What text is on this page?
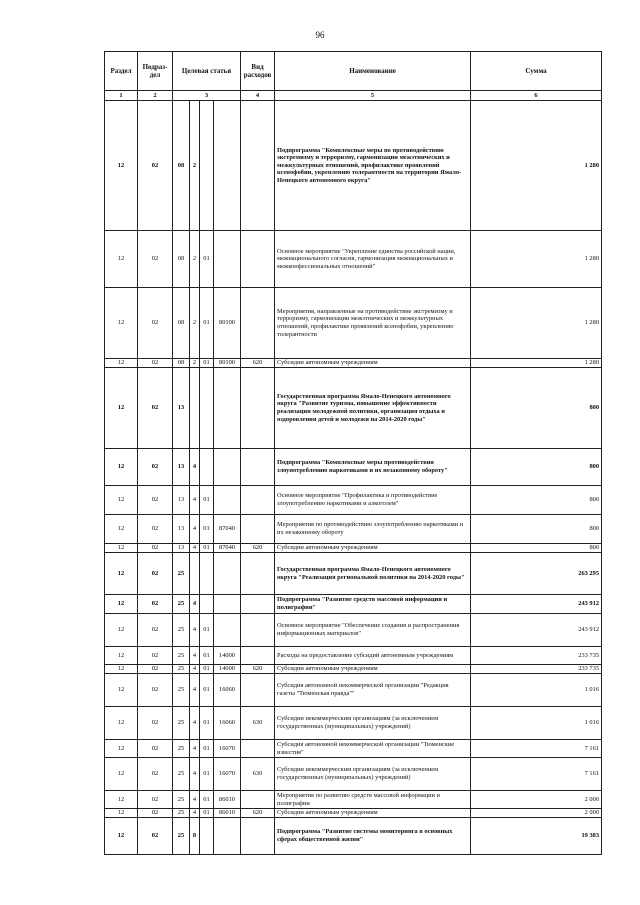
96
Раздел	Подраз-дел	Целевая статья				Вид расходов	Наименование	Сумма
1	2	3				4	5	6
12	02	08	2				Подпрограмма "Комплексные меры по противодействию экстремизму и терроризму, гармонизации межэтнических и межкультурных отношений, профилактике проявлений ксенофобии, укреплению толерантности на территории Ямало-Ненецкого автономного округа"	1 280
12	02	08	2	01			Основное мероприятие "Укрепление единства российской нации, межнационального согласия, гармонизация межнациональных и межконфессиональных отношений"	1 280
12	02	08	2	01	80100		Мероприятия, направленные на противодействие экстремизму и терроризму, гармонизации межэтнических и межкультурных отношений, профилактике проявлений ксенофобии, укреплению толерантности	1 280
12	02	08	2	01	80100	620	Субсидии автономным учреждениям	1 280
12	02	13					Государственная программа Ямало-Ненецкого автономного округа "Развитие туризма, повышение эффективности реализации молодежной политики, организация отдыха и оздоровления детей и молодежи на 2014-2020 годы"	800
12	02	13	4				Подпрограмма "Комплексные меры противодействия злоупотреблению наркотиками и их незаконному обороту"	800
12	02	13	4	01			Основное мероприятие "Профилактика и противодействие злоупотреблению наркотиками и алкоголем"	800
12	02	13	4	01	87040		Мероприятия по противодействию злоупотреблению наркотиками и их незаконному обороту	800
12	02	13	4	01	87040	620	Субсидии автономным учреждениям	800
12	02	25					Государственная программа Ямало-Ненецкого автономного округа "Реализация региональной политики на 2014-2020 годы"	263 295
12	02	25	4				Подпрограмма "Развитие средств массовой информации и полиграфии"	243 912
12	02	25	4	01			Основное мероприятие "Обеспечение создания и распространения информационных материалов"	243 912
12	02	25	4	01	14000		Расходы на предоставление субсидий автономным учреждениям	233 735
12	02	25	4	01	14000	620	Субсидии автономным учреждениям	233 735
12	02	25	4	01	16060		Субсидия автономной некоммерческой организации "Редакция газеты "Тюменская правда""	1 016
12	02	25	4	01	16060	630	Субсидии некоммерческим организациям (за исключением государственных (муниципальных) учреждений)	1 016
12	02	25	4	01	16070		Субсидия автономной некоммерческой организации "Тюменские известия"	7 161
12	02	25	4	01	16070	630	Субсидии некоммерческим организациям (за исключением государственных (муниципальных) учреждений)	7 161
12	02	25	4	01	86010		Мероприятия по развитию средств массовой информации и полиграфии	2 000
12	02	25	4	01	86010	620	Субсидии автономным учреждениям	2 000
12	02	25	8				Подпрограмма "Развитие системы мониторинга в основных сферах общественной жизни"	19 383
